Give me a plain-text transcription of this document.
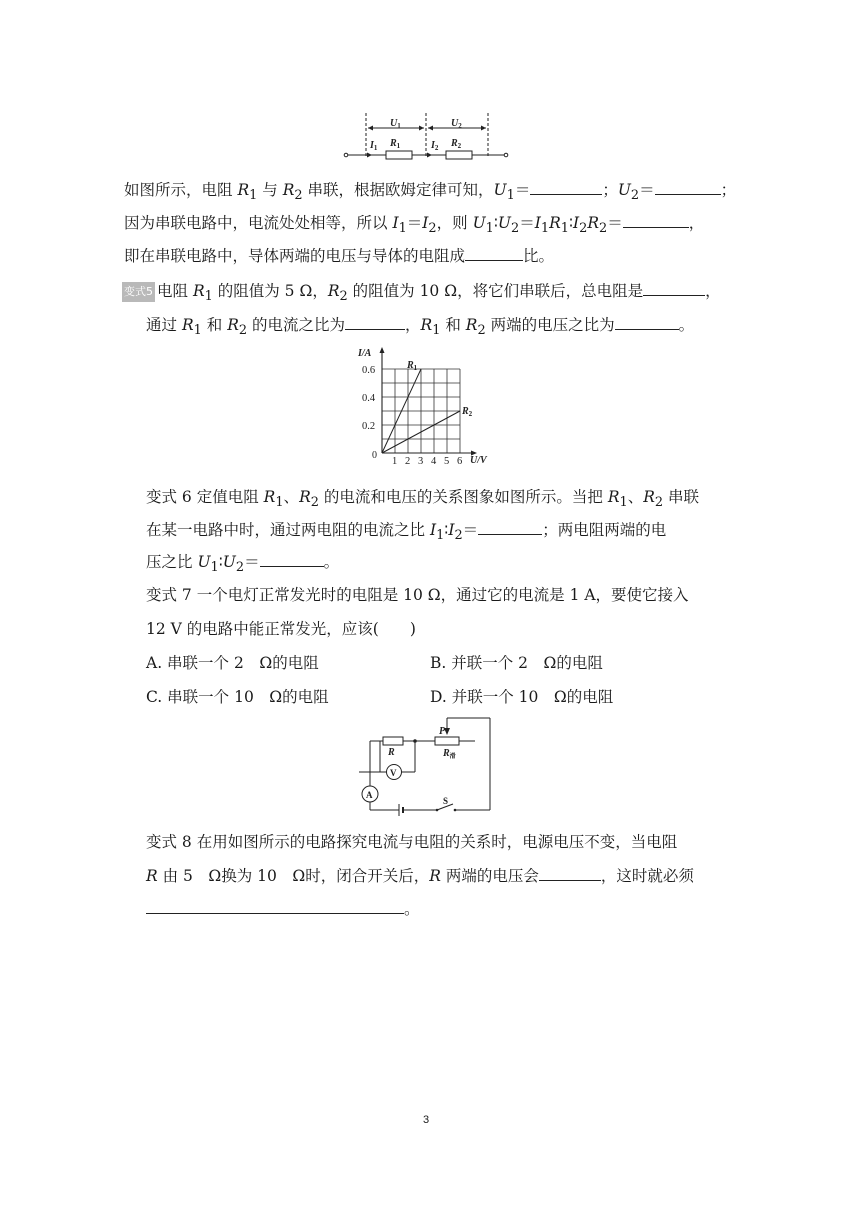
$U_1$	$U_2$
$I_1$	$I_2$
$R_1$	$R_2$
如图所示，电阻 $R_1$ 与 $R_2$ 串联，根据欧姆定律可知，$U_1=$	；$U_2=$	；
因为串联电路中，电流处处相等，所以 $I_1=I_2$，则 $U_1∶U_2=I_1R_1∶I_2R_2=$	，
即在串联电路中，导体两端的电压与导体的电阻成	比。
变式5 电阻 $R_1$ 的阻值为 5 Ω，$R_2$ 的阻值为 10 Ω，将它们串联后，总电阻是	，
通过 $R_1$ 和 $R_2$ 的电流之比为	，$R_1$ 和 $R_2$ 两端的电压之比为	。
1 2 3 4 5 6
0.2
0.4
0.6
I/A
U/V
0
$R_1$
$R_2$
变式 6 定值电阻 $R_1$、$R_2$ 的电流和电压的关系图象如图所示。当把 $R_1$、$R_2$ 串联
在某一电路中时，通过两电阻的电流之比 $I_1∶I_2=$	；两电阻两端的电
压之比 $U_1∶U_2=$	。
变式 7 一个电灯正常发光时的电阻是 10 Ω，通过它的电流是 1 A，要使它接入
12 V 的电路中能正常发光，应该(　　)
A. 串联一个 2　Ω的电阻	B. 并联一个 2　Ω的电阻
C. 串联一个 10　Ω的电阻	D. 并联一个 10　Ω的电阻
R
P
$R_滑$
V
A
S
变式 8 在用如图所示的电路探究电流与电阻的关系时，电源电压不变，当电阻
R 由 5　Ω换为 10　Ω时，闭合开关后，R 两端的电压会	，这时就必须
。
3
